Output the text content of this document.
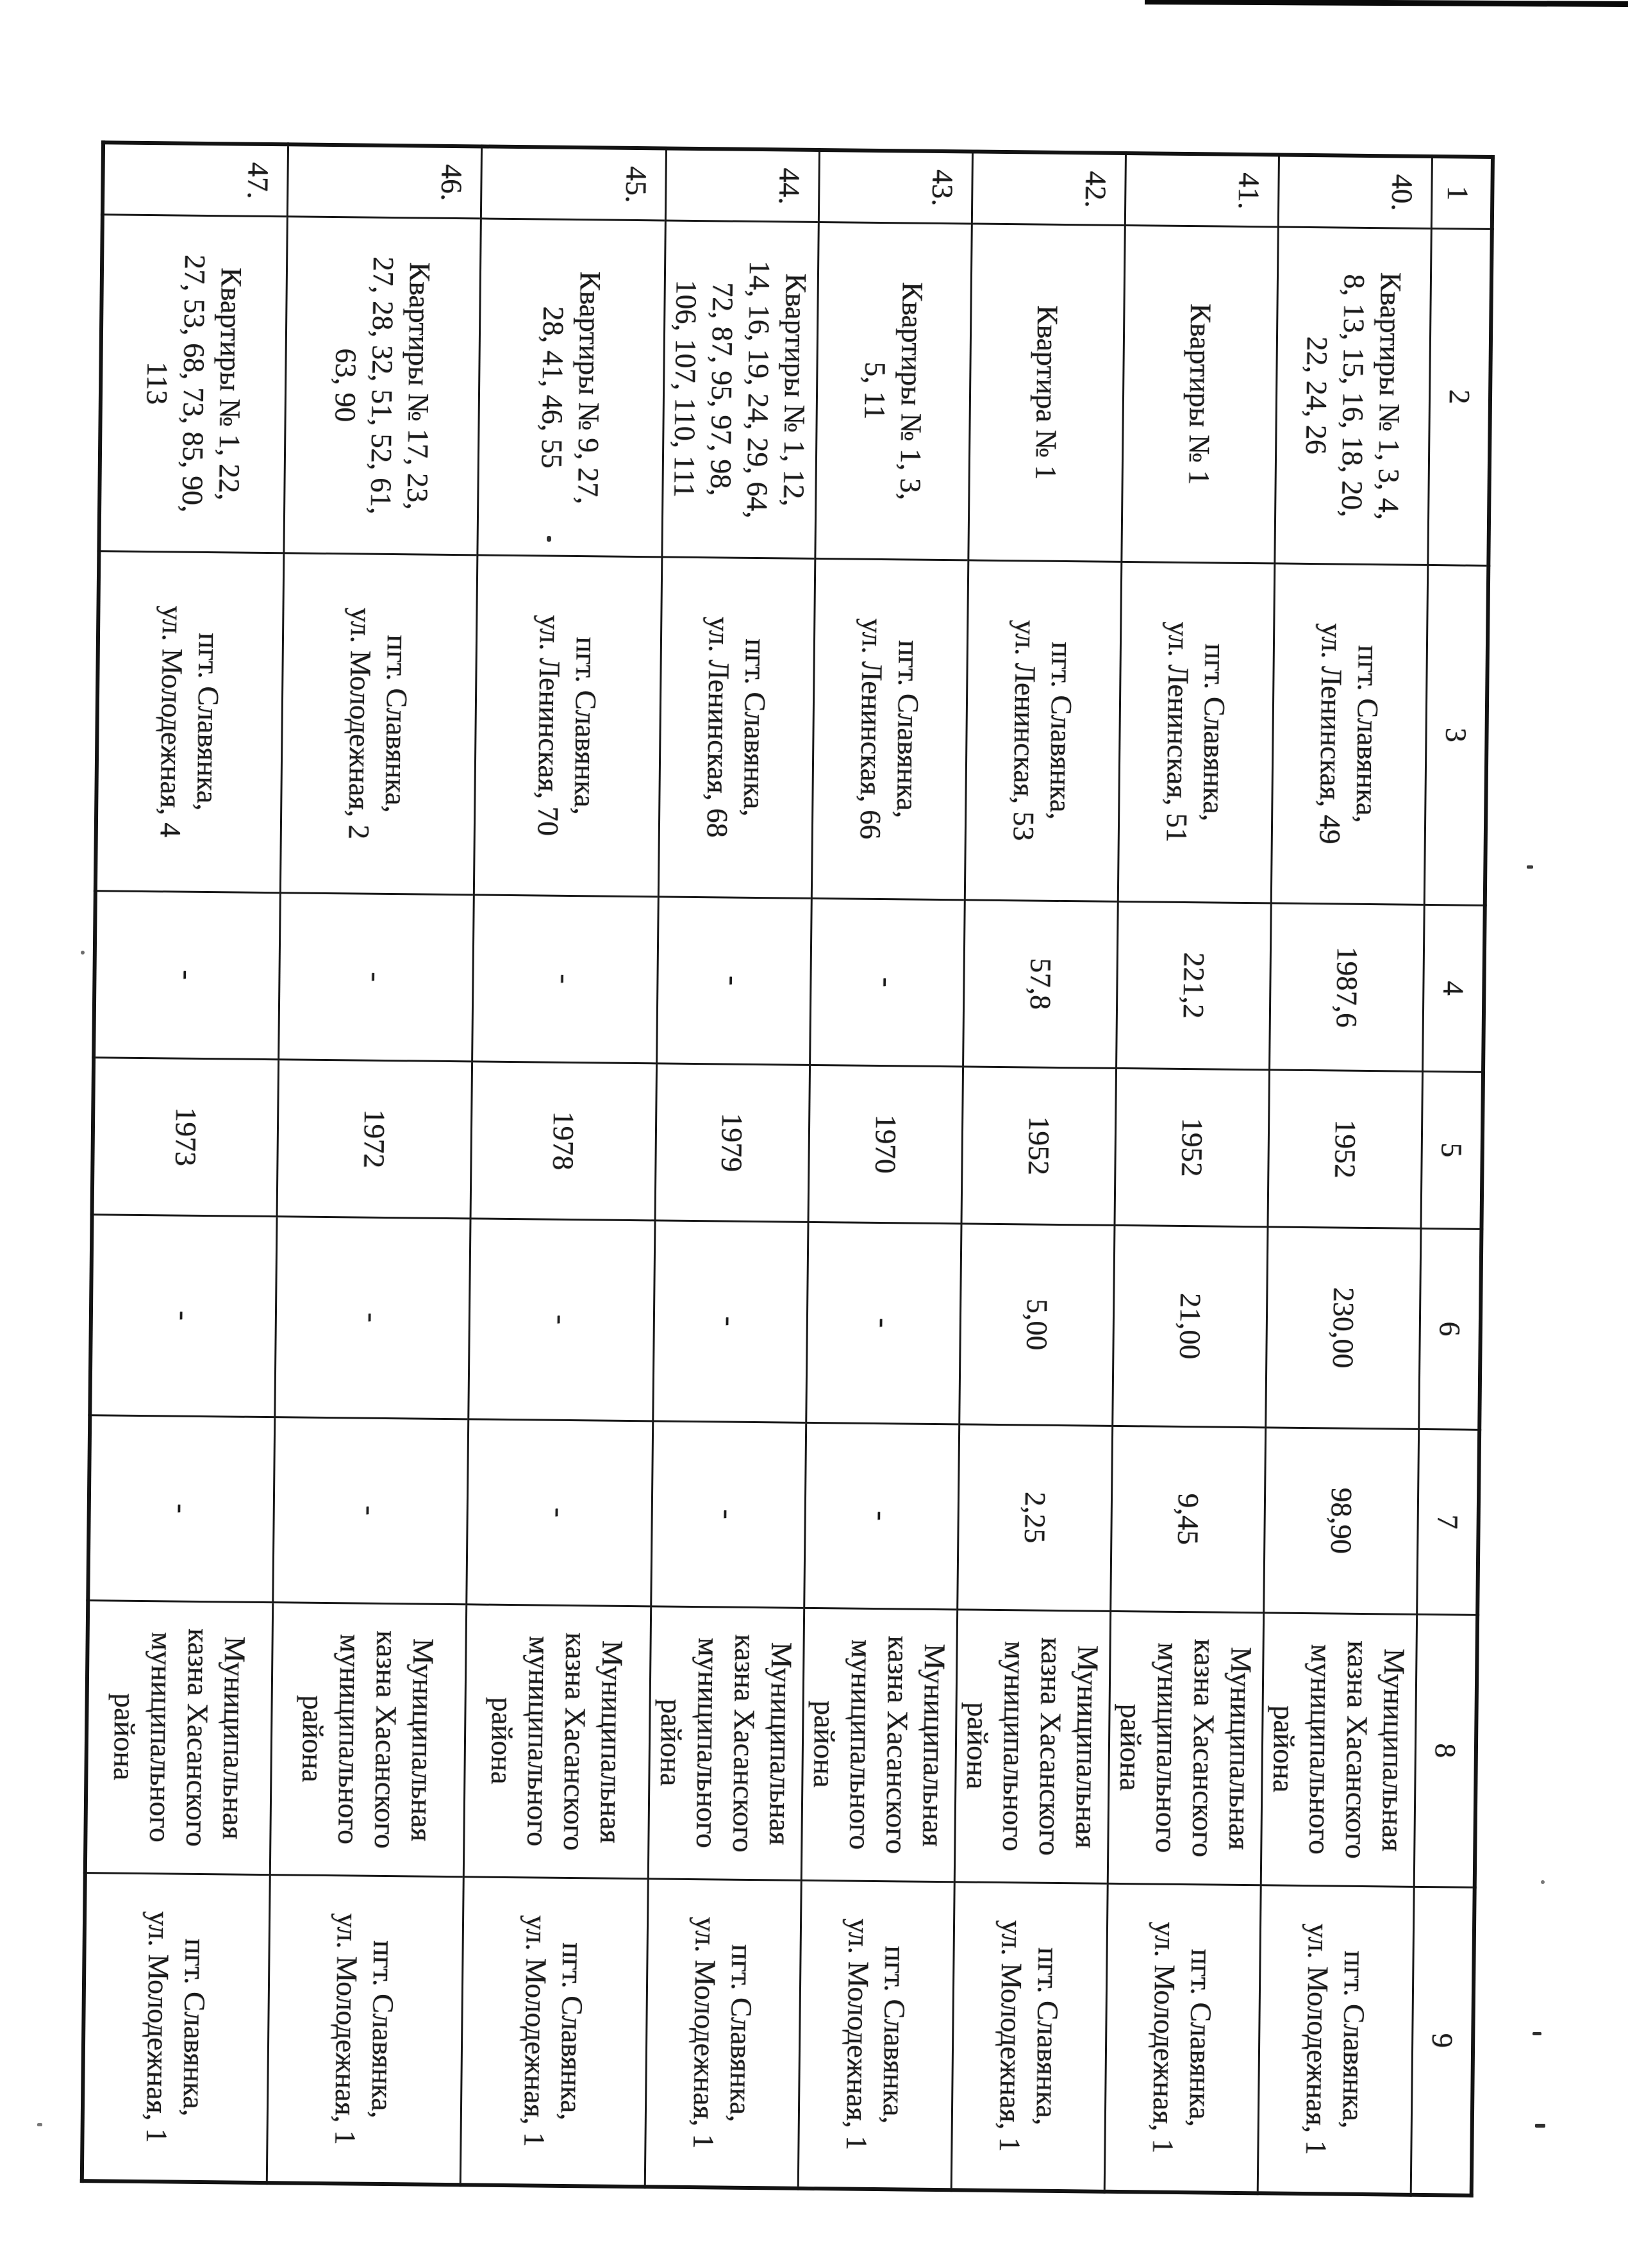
1	2	3	4	5	6	7	8	9
40.	Квартиры № 1, 3, 4,
8, 13, 15, 16, 18, 20,
22, 24, 26	пгт. Славянка,
ул. Ленинская, 49	1987,6	1952	230,00	98,90	Муниципальная
казна Хасанского
муниципального
района	пгт. Славянка,
ул. Молодежная, 1
41.	Квартиры № 1	пгт. Славянка,
ул. Ленинская, 51	221,2	1952	21,00	9,45	Муниципальная
казна Хасанского
муниципального
района	пгт. Славянка,
ул. Молодежная, 1
42.	Квартира № 1	пгт. Славянка,
ул. Ленинская, 53	57,8	1952	5,00	2,25	Муниципальная
казна Хасанского
муниципального
района	пгт. Славянка,
ул. Молодежная, 1
43.	Квартиры № 1, 3,
5, 11	пгт. Славянка,
ул. Ленинская, 66	-	1970	-	-	Муниципальная
казна Хасанского
муниципального
района	пгт. Славянка,
ул. Молодежная, 1
44.	Квартиры № 1, 12,
14, 16, 19, 24, 29, 64,
72, 87, 95, 97, 98,
106, 107, 110, 111	пгт. Славянка,
ул. Ленинская, 68	-	1979	-	-	Муниципальная
казна Хасанского
муниципального
района	пгт. Славянка,
ул. Молодежная, 1
45.	Квартиры № 9, 27,
28, 41, 46, 55	пгт. Славянка,
ул. Ленинская, 70	-	1978	-	-	Муниципальная
казна Хасанского
муниципального
района	пгт. Славянка,
ул. Молодежная, 1
46.	Квартиры № 17, 23,
27, 28, 32, 51, 52, 61,
63, 90	пгт. Славянка,
ул. Молодежная, 2	-	1972	-	-	Муниципальная
казна Хасанского
муниципального
района	пгт. Славянка,
ул. Молодежная, 1
47.	Квартиры № 1, 22,
27, 53, 68, 73, 85, 90,
113	пгт. Славянка,
ул. Молодежная, 4	-	1973	-	-	Муниципальная
казна Хасанского
муниципального
района	пгт. Славянка,
ул. Молодежная, 1
